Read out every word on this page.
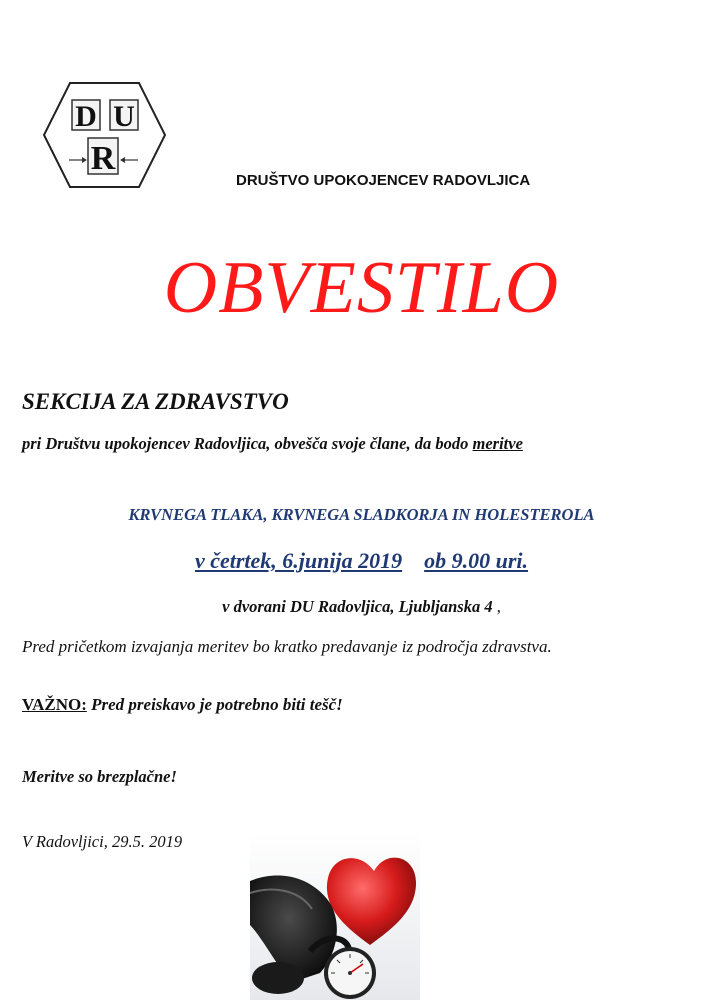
D U
R
DRUŠTVO UPOKOJENCEV RADOVLJICA
OBVESTILO
SEKCIJA ZA ZDRAVSTVO
pri Društvu upokojencev Radovljica, obvešča svoje člane, da bodo meritve
KRVNEGA TLAKA, KRVNEGA SLADKORJA IN HOLESTEROLA
v četrtek, 6.junija 2019 ob 9.00 uri.
v dvorani DU Radovljica, Ljubljanska 4 ,
Pred pričetkom izvajanja meritev bo kratko predavanje iz področja zdravstva.
VAŽNO: Pred preiskavo je potrebno biti tešč!
Meritve so brezplačne!
V Radovljici, 29.5. 2019
